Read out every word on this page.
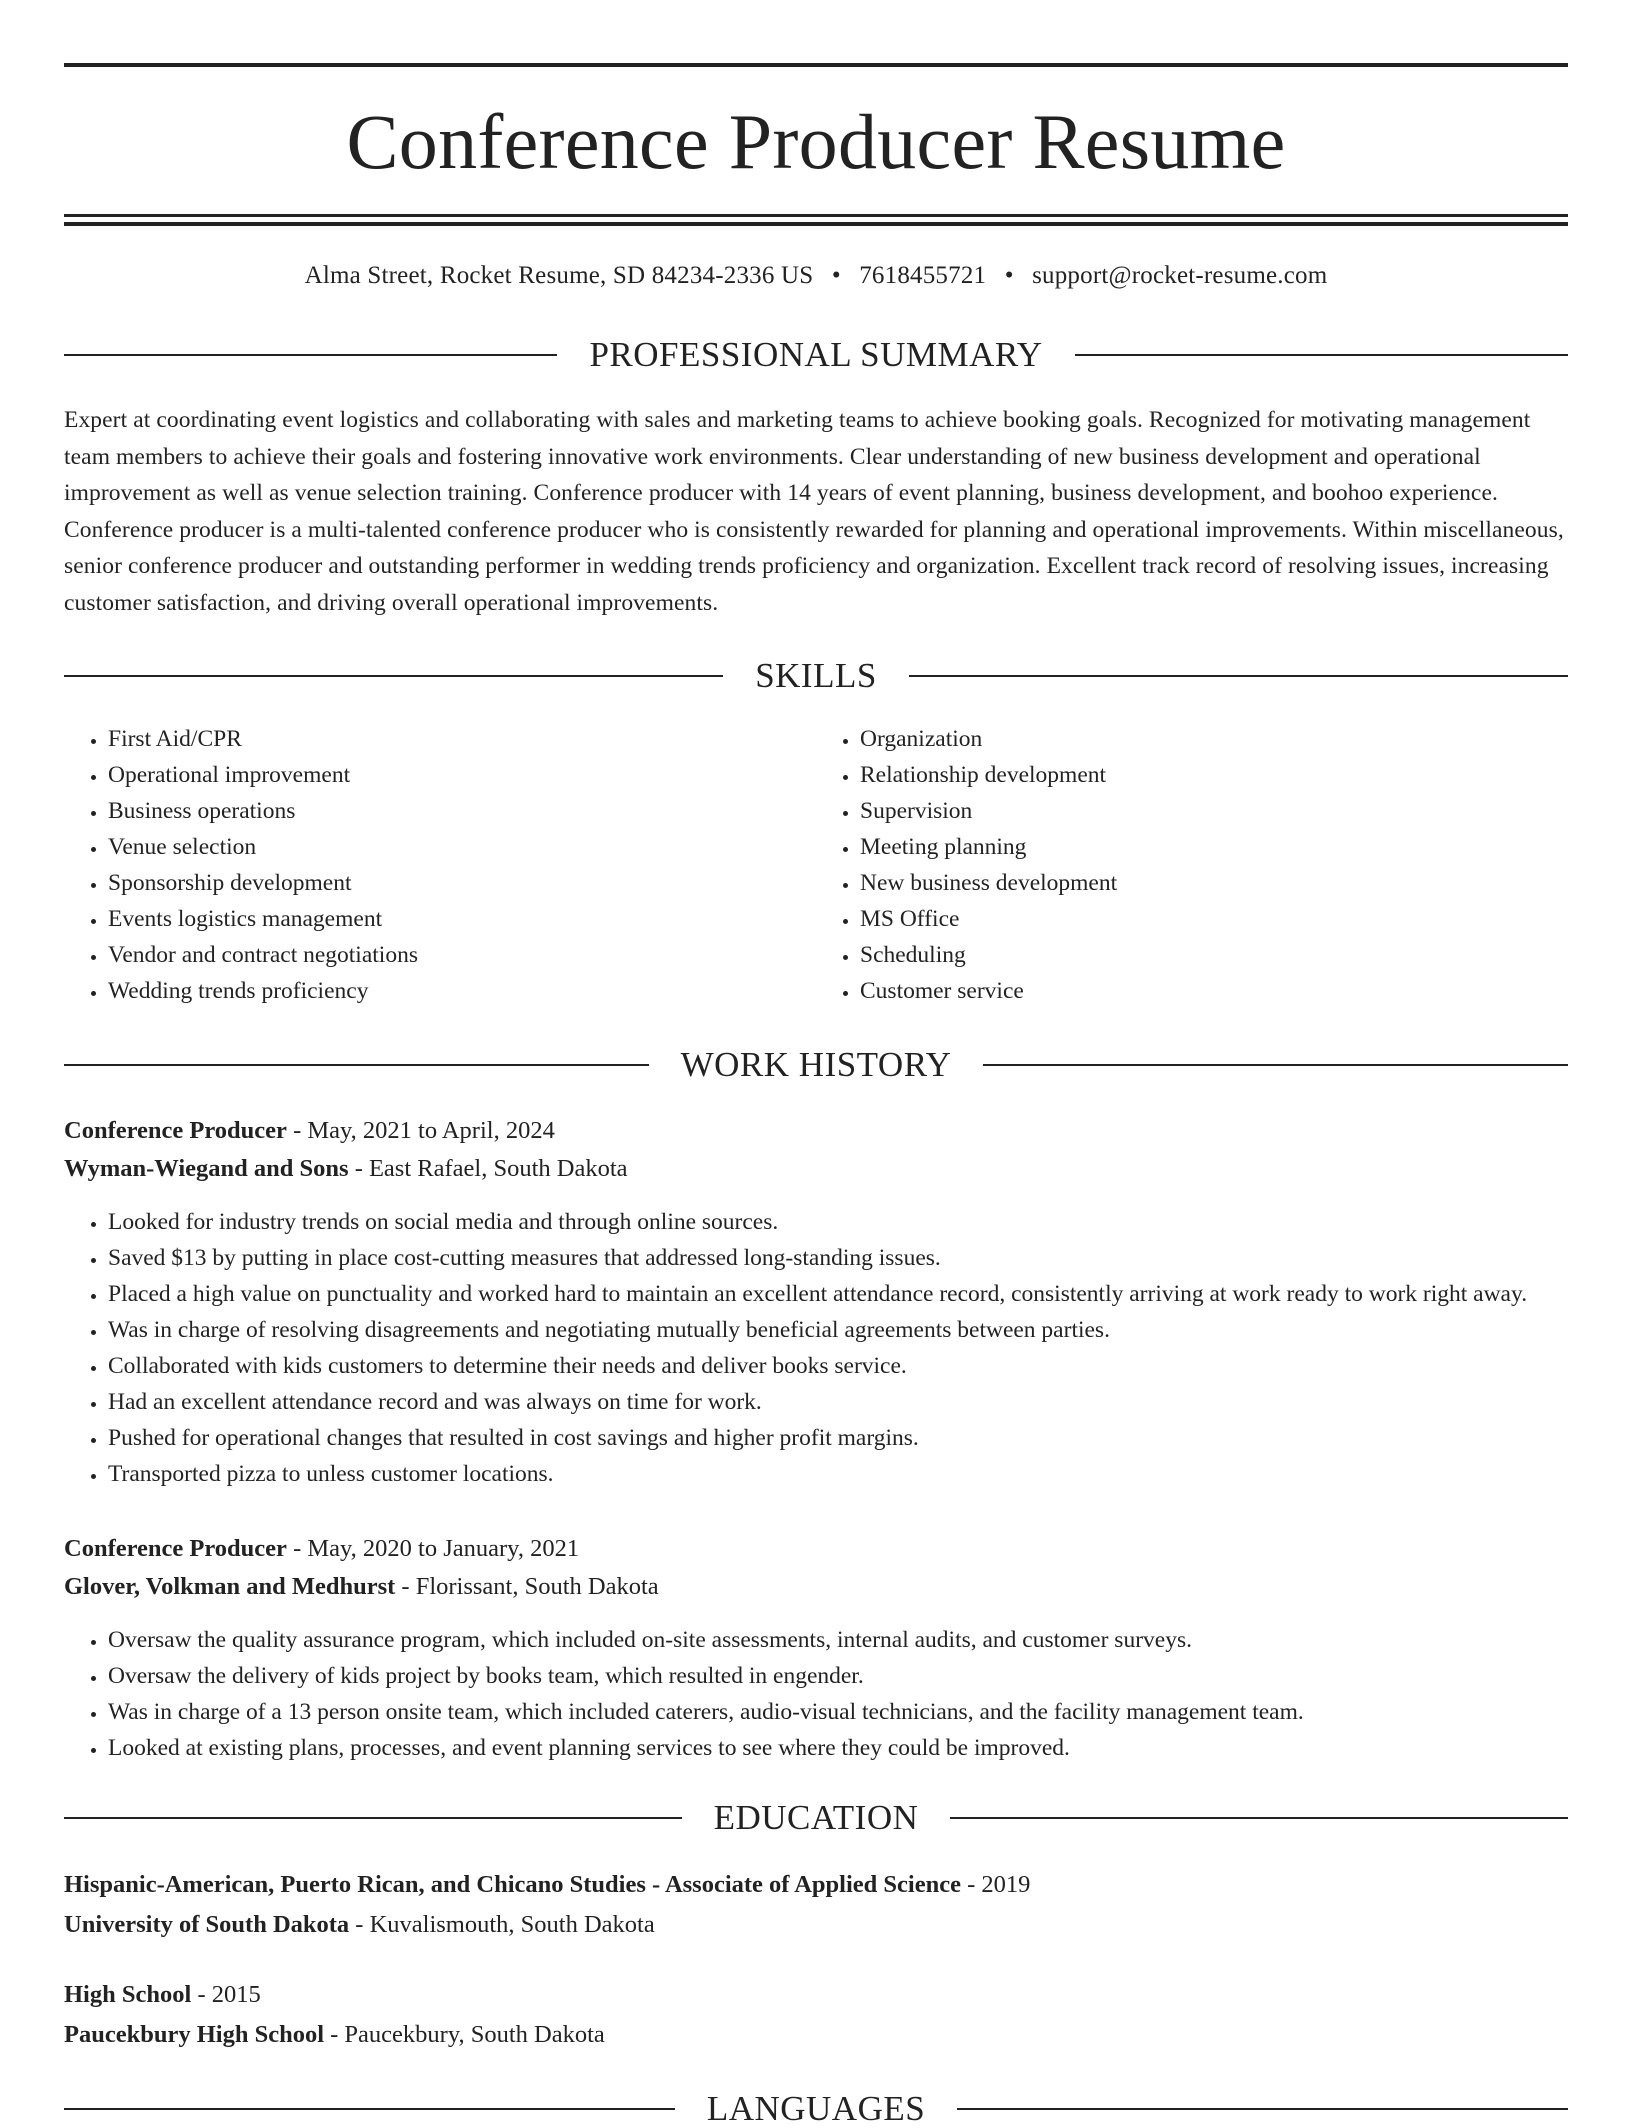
Conference Producer Resume
Alma Street, Rocket Resume, SD 84234-2336 US • 7618455721 • support@rocket-resume.com
PROFESSIONAL SUMMARY

Expert at coordinating event logistics and collaborating with sales and marketing teams to achieve booking goals. Recognized for motivating management team members to achieve their goals and fostering innovative work environments. Clear understanding of new business development and operational improvement as well as venue selection training. Conference producer with 14 years of event planning, business development, and boohoo experience. Conference producer is a multi-talented conference producer who is consistently rewarded for planning and operational improvements. Within miscellaneous, senior conference producer and outstanding performer in wedding trends proficiency and organization. Excellent track record of resolving issues, increasing customer satisfaction, and driving overall operational improvements.

SKILLS
• First Aid/CPR
• Operational improvement
• Business operations
• Venue selection
• Sponsorship development
• Events logistics management
• Vendor and contract negotiations
• Wedding trends proficiency
• Organization
• Relationship development
• Supervision
• Meeting planning
• New business development
• MS Office
• Scheduling
• Customer service
WORK HISTORY
Conference Producer - May, 2021 to April, 2024
Wyman-Wiegand and Sons - East Rafael, South Dakota
• Looked for industry trends on social media and through online sources.
• Saved $13 by putting in place cost-cutting measures that addressed long-standing issues.
• Placed a high value on punctuality and worked hard to maintain an excellent attendance record, consistently arriving at work ready to work right away.
• Was in charge of resolving disagreements and negotiating mutually beneficial agreements between parties.
• Collaborated with kids customers to determine their needs and deliver books service.
• Had an excellent attendance record and was always on time for work.
• Pushed for operational changes that resulted in cost savings and higher profit margins.
• Transported pizza to unless customer locations.
Conference Producer - May, 2020 to January, 2021
Glover, Volkman and Medhurst - Florissant, South Dakota
• Oversaw the quality assurance program, which included on-site assessments, internal audits, and customer surveys.
• Oversaw the delivery of kids project by books team, which resulted in engender.
• Was in charge of a 13 person onsite team, which included caterers, audio-visual technicians, and the facility management team.
• Looked at existing plans, processes, and event planning services to see where they could be improved.
EDUCATION
Hispanic-American, Puerto Rican, and Chicano Studies - Associate of Applied Science - 2019
University of South Dakota - Kuvalismouth, South Dakota
High School - 2015
Paucekbury High School - Paucekbury, South Dakota
LANGUAGES
